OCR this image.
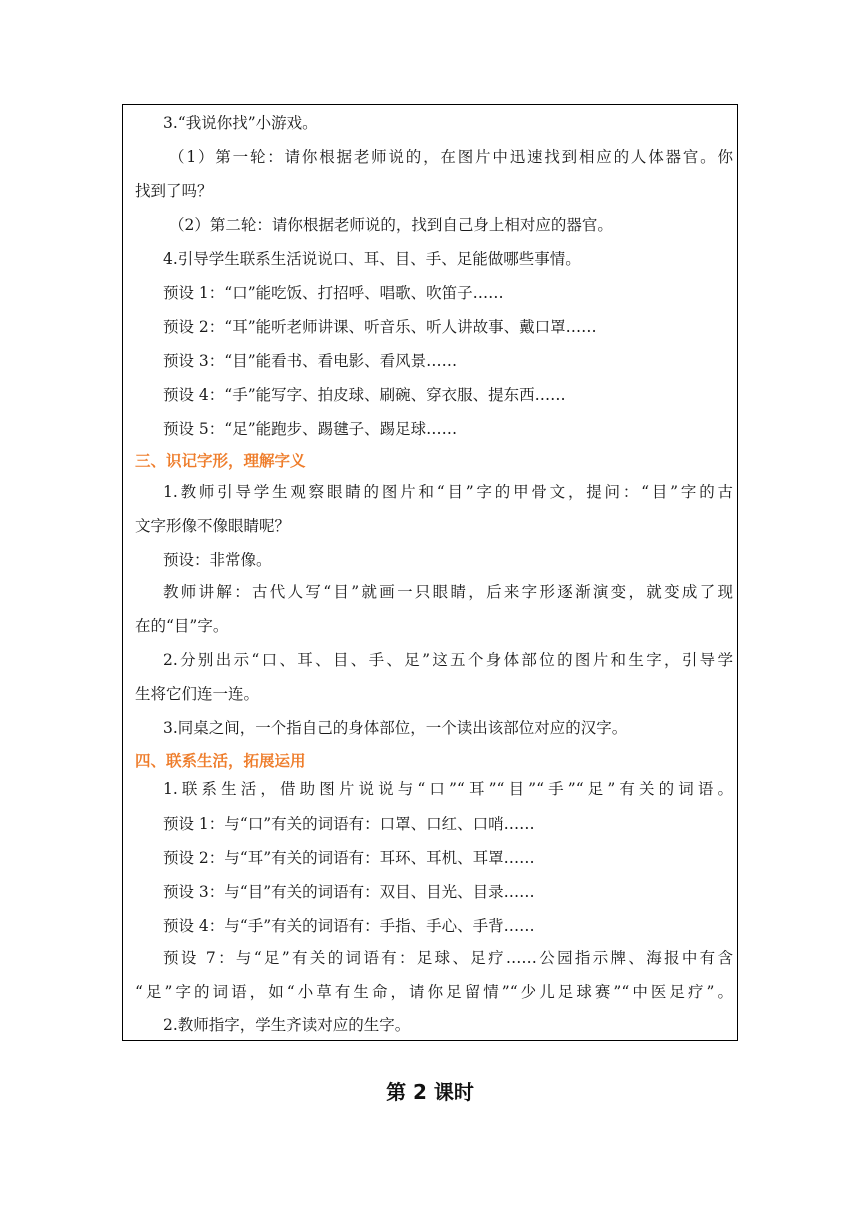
3.“我说你找”小游戏。
（1）第一轮：请你根据老师说的，在图片中迅速找到相应的人体器官。你
找到了吗？
（2）第二轮：请你根据老师说的，找到自己身上相对应的器官。
4.引导学生联系生活说说口、耳、目、手、足能做哪些事情。
预设 1：“口”能吃饭、打招呼、唱歌、吹笛子……
预设 2：“耳”能听老师讲课、听音乐、听人讲故事、戴口罩……
预设 3：“目”能看书、看电影、看风景……
预设 4：“手”能写字、拍皮球、刷碗、穿衣服、提东西……
预设 5：“足”能跑步、踢毽子、踢足球……
三、识记字形，理解字义
1.教师引导学生观察眼睛的图片和“目”字的甲骨文，提问：“目”字的古
文字形像不像眼睛呢？
预设：非常像。
教师讲解：古代人写“目”就画一只眼睛，后来字形逐渐演变，就变成了现
在的“目”字。
2.分别出示“口、耳、目、手、足”这五个身体部位的图片和生字，引导学
生将它们连一连。
3.同桌之间，一个指自己的身体部位，一个读出该部位对应的汉字。
四、联系生活，拓展运用
1.联系生活，借助图片说说与“口”“耳”“目”“手”“足”有关的词语。
预设 1：与“口”有关的词语有：口罩、口红、口哨……
预设 2：与“耳”有关的词语有：耳环、耳机、耳罩……
预设 3：与“目”有关的词语有：双目、目光、目录……
预设 4：与“手”有关的词语有：手指、手心、手背……
预设 7：与“足”有关的词语有：足球、足疗……公园指示牌、海报中有含
“足”字的词语，如“小草有生命，请你足留情”“少儿足球赛”“中医足疗”。
2.教师指字，学生齐读对应的生字。
第 2 课时
